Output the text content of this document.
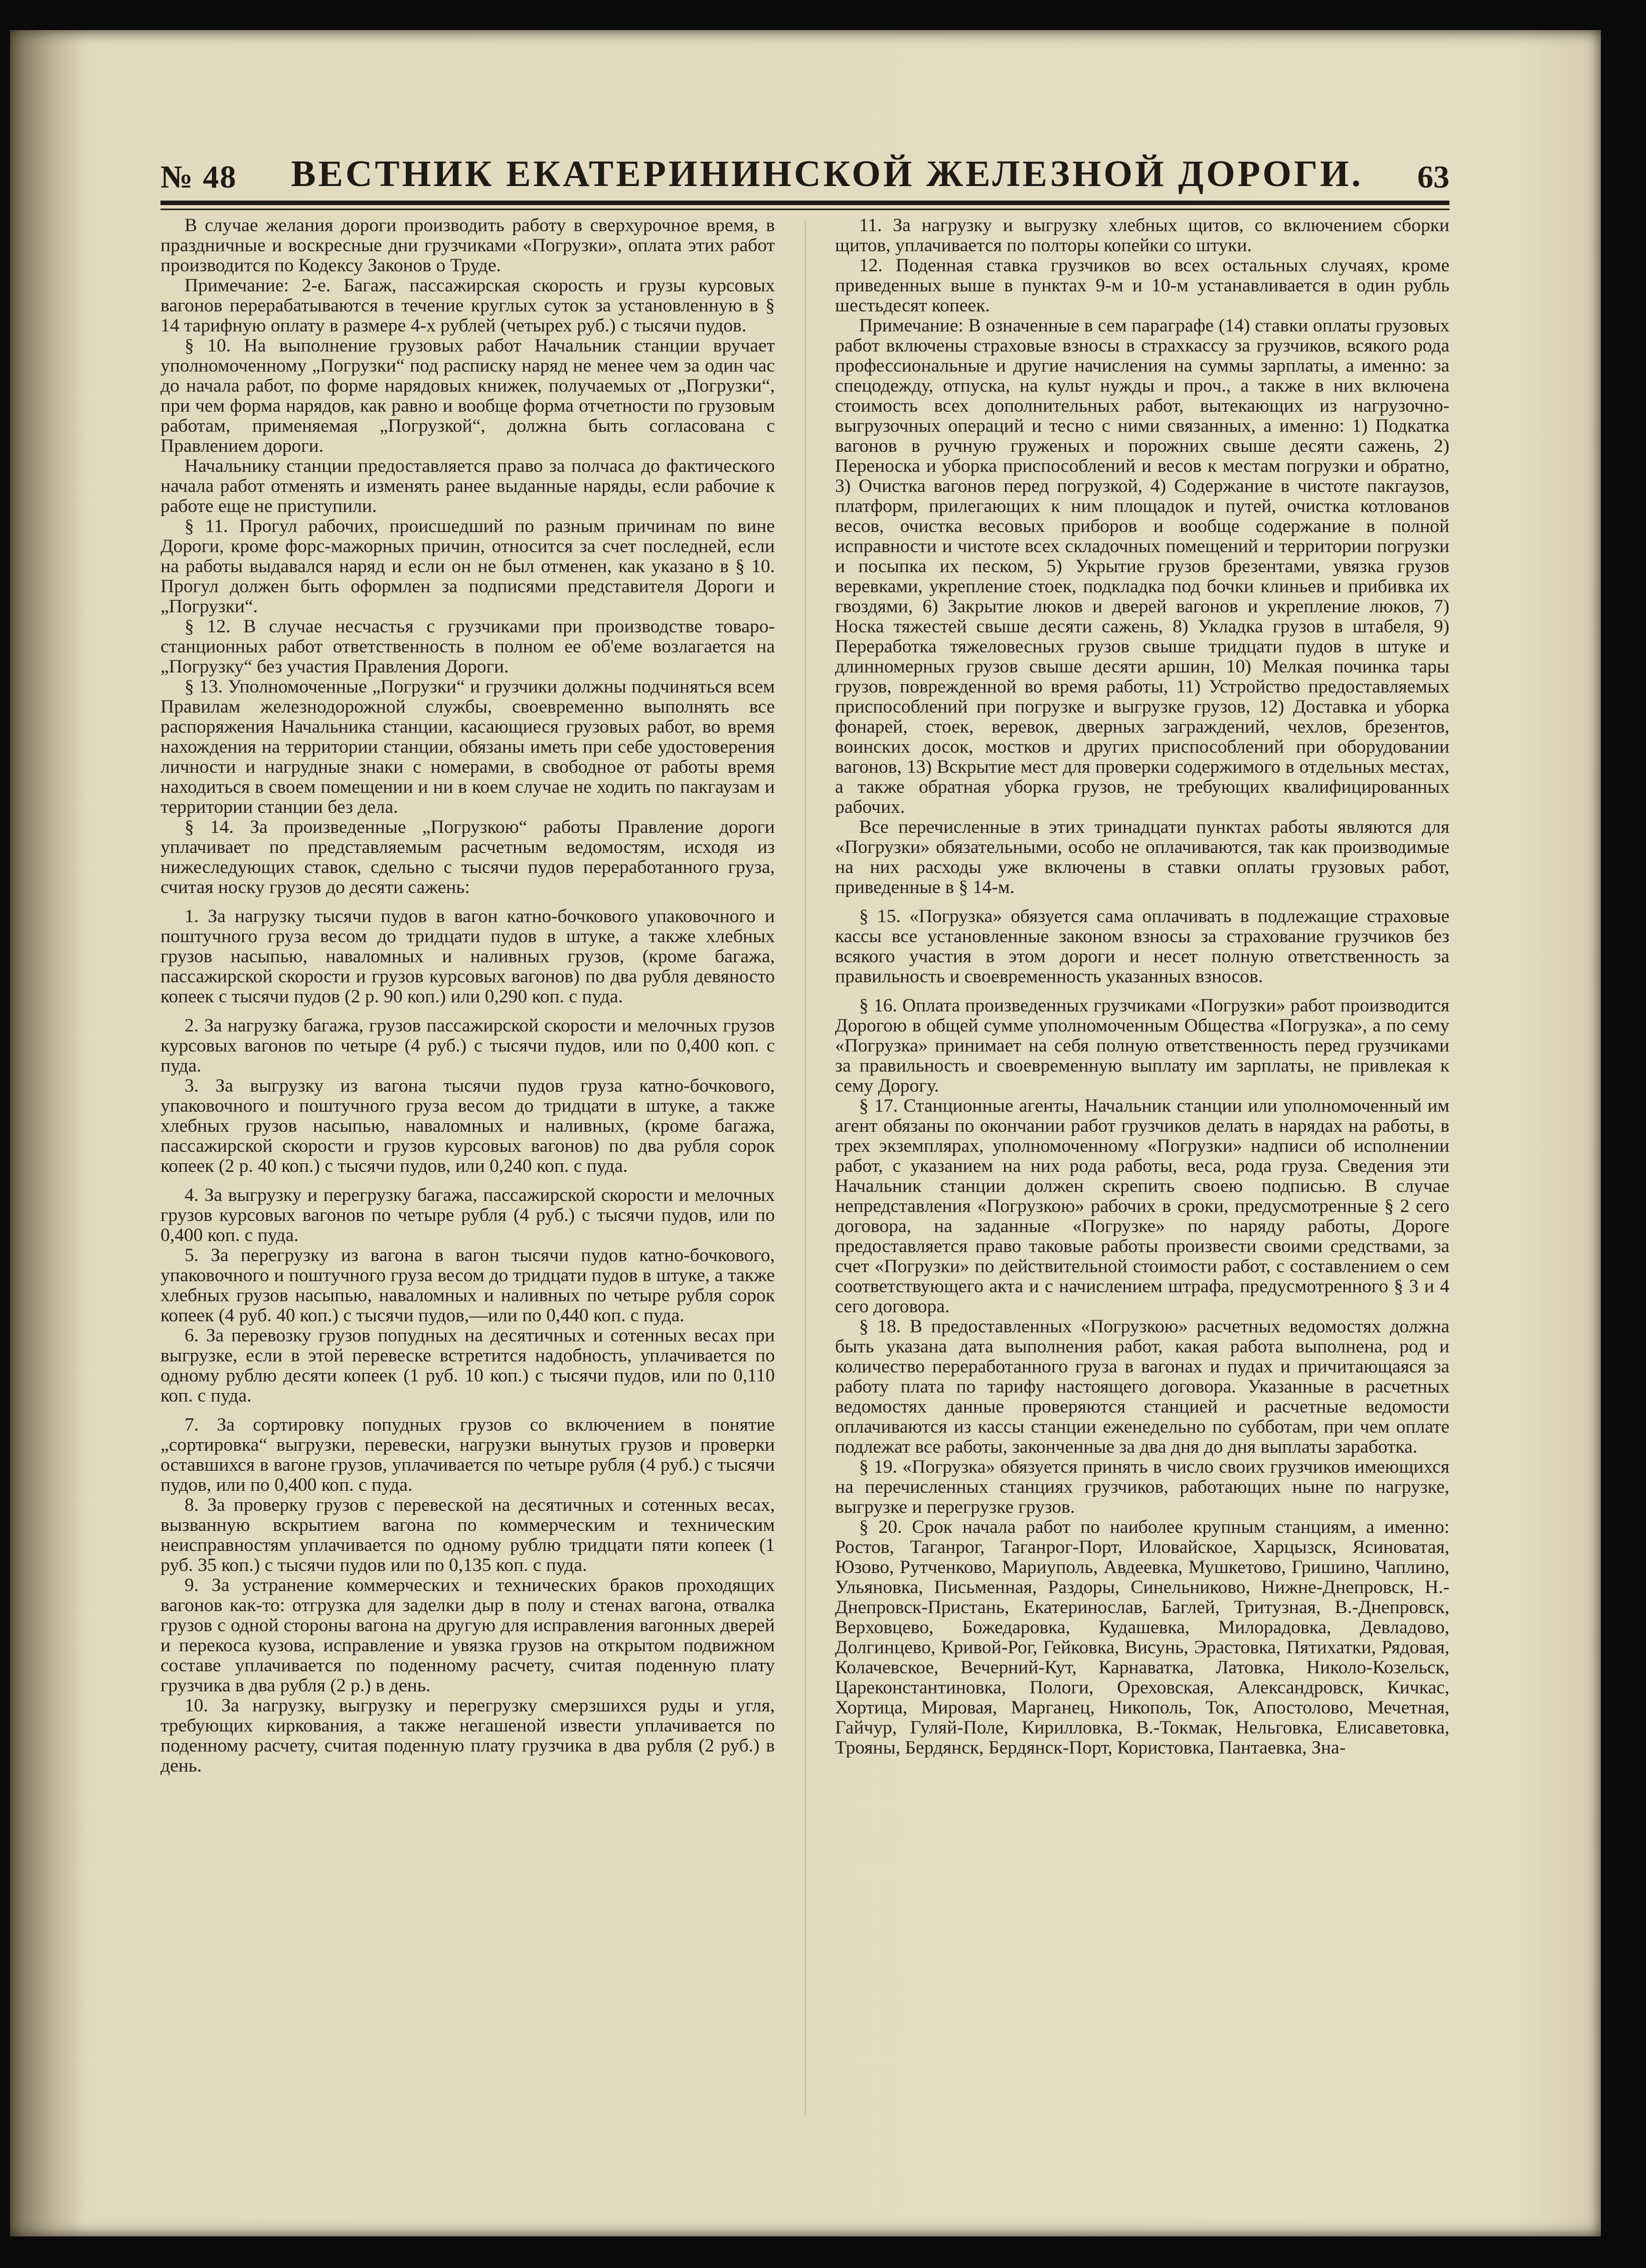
№ 48 ВЕСТНИК ЕКАТЕРИНИНСКОЙ ЖЕЛЕЗНОЙ ДОРОГИ. 63

В случае желания дороги производить работу в сверхурочное время, в праздничные и воскресные дни грузчиками «Погрузки», оплата этих работ производится по Кодексу Законов о Труде.

Примечание: 2-е. Багаж, пассажирская скорость и грузы курсовых вагонов перерабатываются в течение круглых суток за установленную в § 14 тарифную оплату в размере 4-х рублей (четырех руб.) с тысячи пудов.

§ 10. На выполнение грузовых работ Начальник станции вручает уполномоченному „Погрузки“ под расписку наряд не менее чем за один час до начала работ, по форме нарядовых книжек, получаемых от „Погрузки“, при чем форма нарядов, как равно и вообще форма отчетности по грузовым работам, применяемая „Погрузкой“, должна быть согласована с Правлением дороги.

Начальнику станции предоставляется право за полчаса до фактического начала работ отменять и изменять ранее выданные наряды, если рабочие к работе еще не приступили.

§ 11. Прогул рабочих, происшедший по разным причинам по вине Дороги, кроме форс-мажорных причин, относится за счет последней, если на работы выдавался наряд и если он не был отменен, как указано в § 10. Прогул должен быть оформлен за подписями представителя Дороги и „Погрузки“.

§ 12. В случае несчастья с грузчиками при производстве товаро-станционных работ ответственность в полном ее об'еме возлагается на „Погрузку“ без участия Правления Дороги.

§ 13. Уполномоченные „Погрузки“ и грузчики должны подчиняться всем Правилам железнодорожной службы, своевременно выполнять все распоряжения Начальника станции, касающиеся грузовых работ, во время нахождения на территории станции, обязаны иметь при себе удостоверения личности и нагрудные знаки с номерами, в свободное от работы время находиться в своем помещении и ни в коем случае не ходить по пакгаузам и территории станции без дела.

§ 14. За произведенные „Погрузкою“ работы Правление дороги уплачивает по представляемым расчетным ведомостям, исходя из нижеследующих ставок, сдельно с тысячи пудов переработанного груза, считая носку грузов до десяти сажень:

1. За нагрузку тысячи пудов в вагон катно-бочкового упаковочного и поштучного груза весом до тридцати пудов в штуке, а также хлебных грузов насыпью, наваломных и наливных грузов, (кроме багажа, пассажирской скорости и грузов курсовых вагонов) по два рубля девяносто копеек с тысячи пудов (2 р. 90 коп.) или 0,290 коп. с пуда.

2. За нагрузку багажа, грузов пассажирской скорости и мелочных грузов курсовых вагонов по четыре (4 руб.) с тысячи пудов, или по 0,400 коп. с пуда.

3. За выгрузку из вагона тысячи пудов груза катно-бочкового, упаковочного и поштучного груза весом до тридцати в штуке, а также хлебных грузов насыпью, наваломных и наливных, (кроме багажа, пассажирской скорости и грузов курсовых вагонов) по два рубля сорок копеек (2 р. 40 коп.) с тысячи пудов, или 0,240 коп. с пуда.

4. За выгрузку и перегрузку багажа, пассажирской скорости и мелочных грузов курсовых вагонов по четыре рубля (4 руб.) с тысячи пудов, или по 0,400 коп. с пуда.

5. За перегрузку из вагона в вагон тысячи пудов катно-бочкового, упаковочного и поштучного груза весом до тридцати пудов в штуке, а также хлебных грузов насыпью, наваломных и наливных по четыре рубля сорок копеек (4 руб. 40 коп.) с тысячи пудов,—или по 0,440 коп. с пуда.

6. За перевозку грузов попудных на десятичных и сотенных весах при выгрузке, если в этой перевеске встретится надобность, уплачивается по одному рублю десяти копеек (1 руб. 10 коп.) с тысячи пудов, или по 0,110 коп. с пуда.

7. За сортировку попудных грузов со включением в понятие „сортировка“ выгрузки, перевески, нагрузки вынутых грузов и проверки оставшихся в вагоне грузов, уплачивается по четыре рубля (4 руб.) с тысячи пудов, или по 0,400 коп. с пуда.

8. За проверку грузов с перевеской на десятичных и сотенных весах, вызванную вскрытием вагона по коммерческим и техническим неисправностям уплачивается по одному рублю тридцати пяти копеек (1 руб. 35 коп.) с тысячи пудов или по 0,135 коп. с пуда.

9. За устранение коммерческих и технических браков проходящих вагонов как-то: отгрузка для заделки дыр в полу и стенах вагона, отвалка грузов с одной стороны вагона на другую для исправления вагонных дверей и перекоса кузова, исправление и увязка грузов на открытом подвижном составе уплачивается по поденному расчету, считая поденную плату грузчика в два рубля (2 р.) в день.

10. За нагрузку, выгрузку и перегрузку смерзшихся руды и угля, требующих киркования, а также негашеной извести уплачивается по поденному расчету, считая поденную плату грузчика в два рубля (2 руб.) в день.

11. За нагрузку и выгрузку хлебных щитов, со включением сборки щитов, уплачивается по полторы копейки со штуки.

12. Поденная ставка грузчиков во всех остальных случаях, кроме приведенных выше в пунктах 9-м и 10-м устанавливается в один рубль шестьдесят копеек.

Примечание: В означенные в сем параграфе (14) ставки оплаты грузовых работ включены страховые взносы в страхкассу за грузчиков, всякого рода профессиональные и другие начисления на суммы зарплаты, а именно: за спецодежду, отпуска, на культ нужды и проч., а также в них включена стоимость всех дополнительных работ, вытекающих из нагрузочно-выгрузочных операций и тесно с ними связанных, а именно: 1) Подкатка вагонов в ручную груженых и порожних свыше десяти сажень, 2) Переноска и уборка приспособлений и весов к местам погрузки и обратно, 3) Очистка вагонов перед погрузкой, 4) Содержание в чистоте пакгаузов, платформ, прилегающих к ним площадок и путей, очистка котлованов весов, очистка весовых приборов и вообще содержание в полной исправности и чистоте всех складочных помещений и территории погрузки и посыпка их песком, 5) Укрытие грузов брезентами, увязка грузов веревками, укрепление стоек, подкладка под бочки клиньев и прибивка их гвоздями, 6) Закрытие люков и дверей вагонов и укрепление люков, 7) Носка тяжестей свыше десяти сажень, 8) Укладка грузов в штабеля, 9) Переработка тяжеловесных грузов свыше тридцати пудов в штуке и длинномерных грузов свыше десяти аршин, 10) Мелкая починка тары грузов, поврежденной во время работы, 11) Устройство предоставляемых приспособлений при погрузке и выгрузке грузов, 12) Доставка и уборка фонарей, стоек, веревок, дверных заграждений, чехлов, брезентов, воинских досок, мостков и других приспособлений при оборудовании вагонов, 13) Вскрытие мест для проверки содержимого в отдельных местах, а также обратная уборка грузов, не требующих квалифицированных рабочих.

Все перечисленные в этих тринадцати пунктах работы являются для «Погрузки» обязательными, особо не оплачиваются, так как производимые на них расходы уже включены в ставки оплаты грузовых работ, приведенные в § 14-м.

§ 15. «Погрузка» обязуется сама оплачивать в подлежащие страховые кассы все установленные законом взносы за страхование грузчиков без всякого участия в этом дороги и несет полную ответственность за правильность и своевременность указанных взносов.

§ 16. Оплата произведенных грузчиками «Погрузки» работ производится Дорогою в общей сумме уполномоченным Общества «Погрузка», а по сему «Погрузка» принимает на себя полную ответственность перед грузчиками за правильность и своевременную выплату им зарплаты, не привлекая к сему Дорогу.

§ 17. Станционные агенты, Начальник станции или уполномоченный им агент обязаны по окончании работ грузчиков делать в нарядах на работы, в трех экземплярах, уполномоченному «Погрузки» надписи об исполнении работ, с указанием на них рода работы, веса, рода груза. Сведения эти Начальник станции должен скрепить своею подписью. В случае непредставления «Погрузкою» рабочих в сроки, предусмотренные § 2 сего договора, на заданные «Погрузке» по наряду работы, Дороге предоставляется право таковые работы произвести своими средствами, за счет «Погрузки» по действительной стоимости работ, с составлением о сем соответствующего акта и с начислением штрафа, предусмотренного § 3 и 4 сего договора.

§ 18. В предоставленных «Погрузкою» расчетных ведомостях должна быть указана дата выполнения работ, какая работа выполнена, род и количество переработанного груза в вагонах и пудах и причитающаяся за работу плата по тарифу настоящего договора. Указанные в расчетных ведомостях данные проверяются станцией и расчетные ведомости оплачиваются из кассы станции еженедельно по субботам, при чем оплате подлежат все работы, законченные за два дня до дня выплаты заработка.

§ 19. «Погрузка» обязуется принять в число своих грузчиков имеющихся на перечисленных станциях грузчиков, работающих ныне по нагрузке, выгрузке и перегрузке грузов.

§ 20. Срок начала работ по наиболее крупным станциям, а именно: Ростов, Таганрог, Таганрог-Порт, Иловайское, Харцызск, Ясиноватая, Юзово, Рутченково, Мариуполь, Авдеевка, Мушкетово, Гришино, Чаплино, Ульяновка, Письменная, Раздоры, Синельниково, Нижне-Днепровск, Н.-Днепровск-Пристань, Екатеринослав, Баглей, Тритузная, В.-Днепровск, Верховцево, Божедаровка, Кудашевка, Милорадовка, Девладово, Долгинцево, Кривой-Рог, Гейковка, Висунь, Эрастовка, Пятихатки, Рядовая, Колачевское, Вечерний-Кут, Карнаватка, Латовка, Николо-Козельск, Цареконстантиновка, Пологи, Ореховская, Александровск, Кичкас, Хортица, Мировая, Марганец, Никополь, Ток, Апостолово, Мечетная, Гайчур, Гуляй-Поле, Кирилловка, В.-Токмак, Нельговка, Елисаветовка, Трояны, Бердянск, Бердянск-Порт, Користовка, Пантаевка, Зна-
